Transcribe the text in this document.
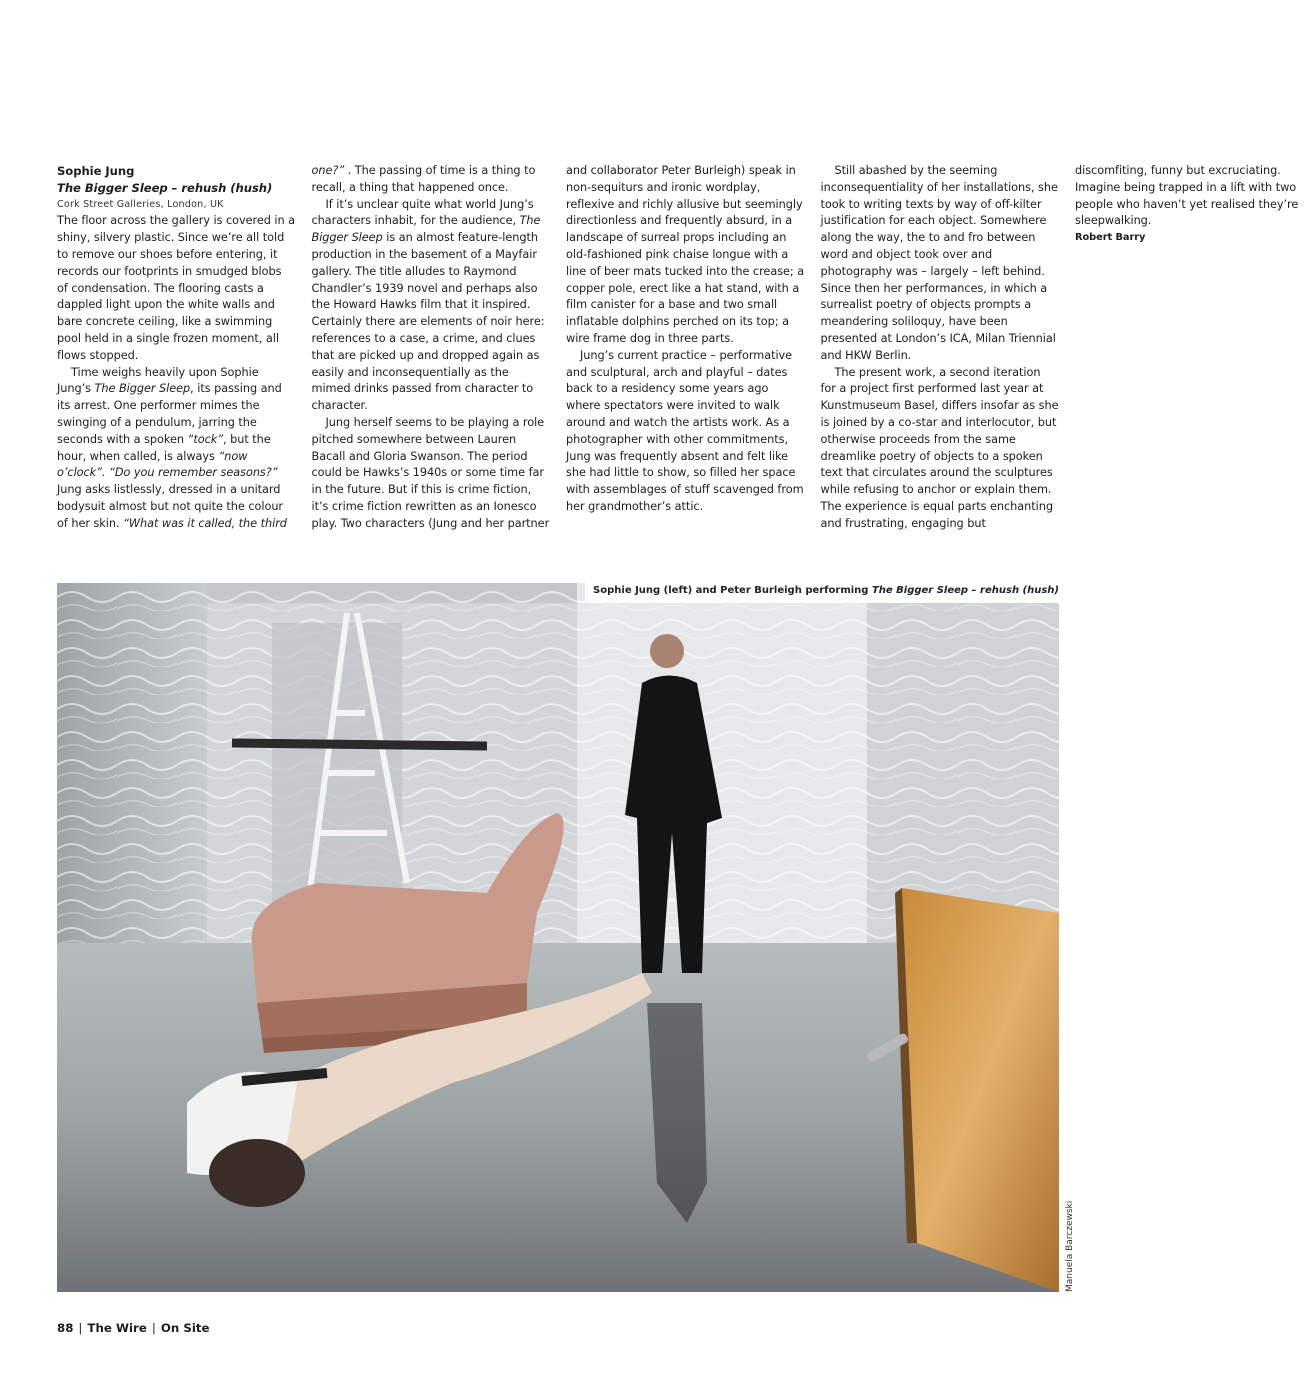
Sophie Jung
The Bigger Sleep – rehush (hush)
Cork Street Galleries, London, UK

The floor across the gallery is covered in a shiny, silvery plastic. Since we’re all told to remove our shoes before entering, it records our footprints in smudged blobs of condensation. The flooring casts a dappled light upon the white walls and bare concrete ceiling, like a swimming pool held in a single frozen moment, all flows stopped.

Time weighs heavily upon Sophie Jung’s The Bigger Sleep, its passing and its arrest. One performer mimes the swinging of a pendulum, jarring the seconds with a spoken “tock”, but the hour, when called, is always “now o’clock”. “Do you remember seasons?” Jung asks listlessly, dressed in a unitard bodysuit almost but not quite the colour of her skin. “What was it called, the third one?” . The passing of time is a thing to recall, a thing that happened once.

If it’s unclear quite what world Jung’s characters inhabit, for the audience, The Bigger Sleep is an almost feature-length production in the basement of a Mayfair gallery. The title alludes to Raymond Chandler’s 1939 novel and perhaps also the Howard Hawks film that it inspired. Certainly there are elements of noir here: references to a case, a crime, and clues that are picked up and dropped again as easily and inconsequentially as the mimed drinks passed from character to character.

Jung herself seems to be playing a role pitched somewhere between Lauren Bacall and Gloria Swanson. The period could be Hawks’s 1940s or some time far in the future. But if this is crime fiction, it’s crime fiction rewritten as an Ionesco play. Two characters (Jung and her partner and collaborator Peter Burleigh) speak in non-sequiturs and ironic wordplay, reflexive and richly allusive but seemingly directionless and frequently absurd, in a landscape of surreal props including an old-fashioned pink chaise longue with a line of beer mats tucked into the crease; a copper pole, erect like a hat stand, with a film canister for a base and two small inflatable dolphins perched on its top; a wire frame dog in three parts.

Jung’s current practice – performative and sculptural, arch and playful – dates back to a residency some years ago where spectators were invited to walk around and watch the artists work. As a photographer with other commitments, Jung was frequently absent and felt like she had little to show, so filled her space with assemblages of stuff scavenged from her grandmother’s attic.

Still abashed by the seeming inconsequentiality of her installations, she took to writing texts by way of off-kilter justification for each object. Somewhere along the way, the to and fro between word and object took over and photography was – largely – left behind. Since then her performances, in which a surrealist poetry of objects prompts a meandering soliloquy, have been presented at London’s ICA, Milan Triennial and HKW Berlin.

The present work, a second iteration for a project first performed last year at Kunstmuseum Basel, differs insofar as she is joined by a co-star and interlocutor, but otherwise proceeds from the same dreamlike poetry of objects to a spoken text that circulates around the sculptures while refusing to anchor or explain them. The experience is equal parts enchanting and frustrating, engaging but discomfiting, funny but excruciating. Imagine being trapped in a lift with two people who haven’t yet realised they’re sleepwalking.

Robert Barry
Sophie Jung (left) and Peter Burleigh performing The Bigger Sleep – rehush (hush)
Manuela Barczewski
88 | The Wire | On Site
